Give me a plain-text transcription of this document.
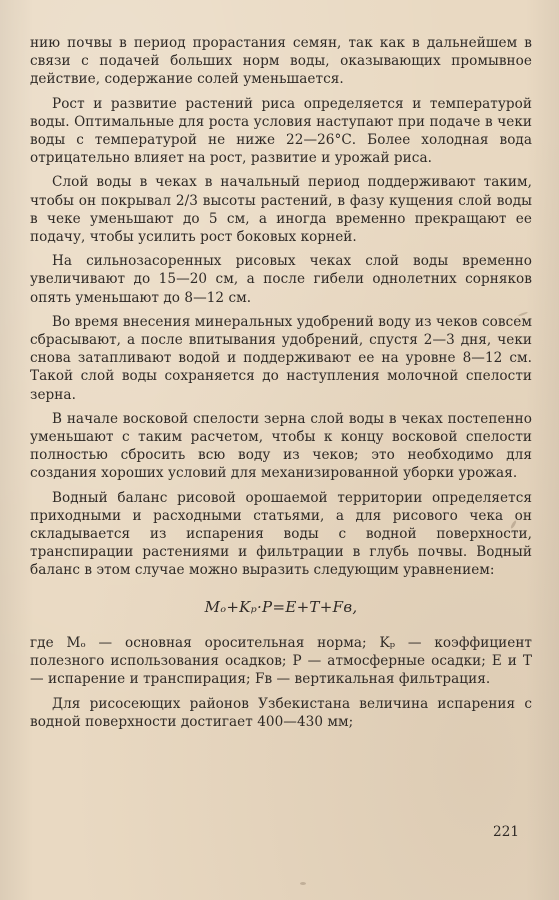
нию почвы в период прорастания семян, так как в дальнейшем в связи с подачей больших норм воды, оказывающих промывное действие, содержание солей уменьшается.

Рост и развитие растений риса определяется и температурой воды. Оптимальные для роста условия наступают при подаче в чеки воды с температурой не ниже 22—26°С. Более холодная вода отрицательно влияет на рост, развитие и урожай риса.

Слой воды в чеках в начальный период поддерживают таким, чтобы он покрывал 2/3 высоты растений, в фазу кущения слой воды в чеке уменьшают до 5 см, а иногда временно прекращают ее подачу, чтобы усилить рост боковых корней.

На сильнозасоренных рисовых чеках слой воды временно увеличивают до 15—20 см, а после гибели однолетних сорняков опять уменьшают до 8—12 см.

Во время внесения минеральных удобрений воду из чеков совсем сбрасывают, а после впитывания удобрений, спустя 2—3 дня, чеки снова затапливают водой и поддерживают ее на уровне 8—12 см. Такой слой воды сохраняется до наступления молочной спелости зерна.

В начале восковой спелости зерна слой воды в чеках постепенно уменьшают с таким расчетом, чтобы к концу восковой спелости полностью сбросить всю воду из чеков; это необходимо для создания хороших условий для механизированной уборки урожая.

Водный баланс рисовой орошаемой территории определяется приходными и расходными статьями, а для рисового чека он складывается из испарения воды с водной поверхности, транспирации растениями и фильтрации в глубь почвы. Водный баланс в этом случае можно выразить следующим уравнением:

Mₒ+Kₚ·P=E+T+Fв,

где Mₒ — основная оросительная норма; Kₚ — коэффициент полезного использования осадков; P — атмосферные осадки; E и T — испарение и транспирация; Fв — вертикальная фильтрация.

Для рисосеющих районов Узбекистана величина испарения с водной поверхности достигает 400—430 мм;

221
